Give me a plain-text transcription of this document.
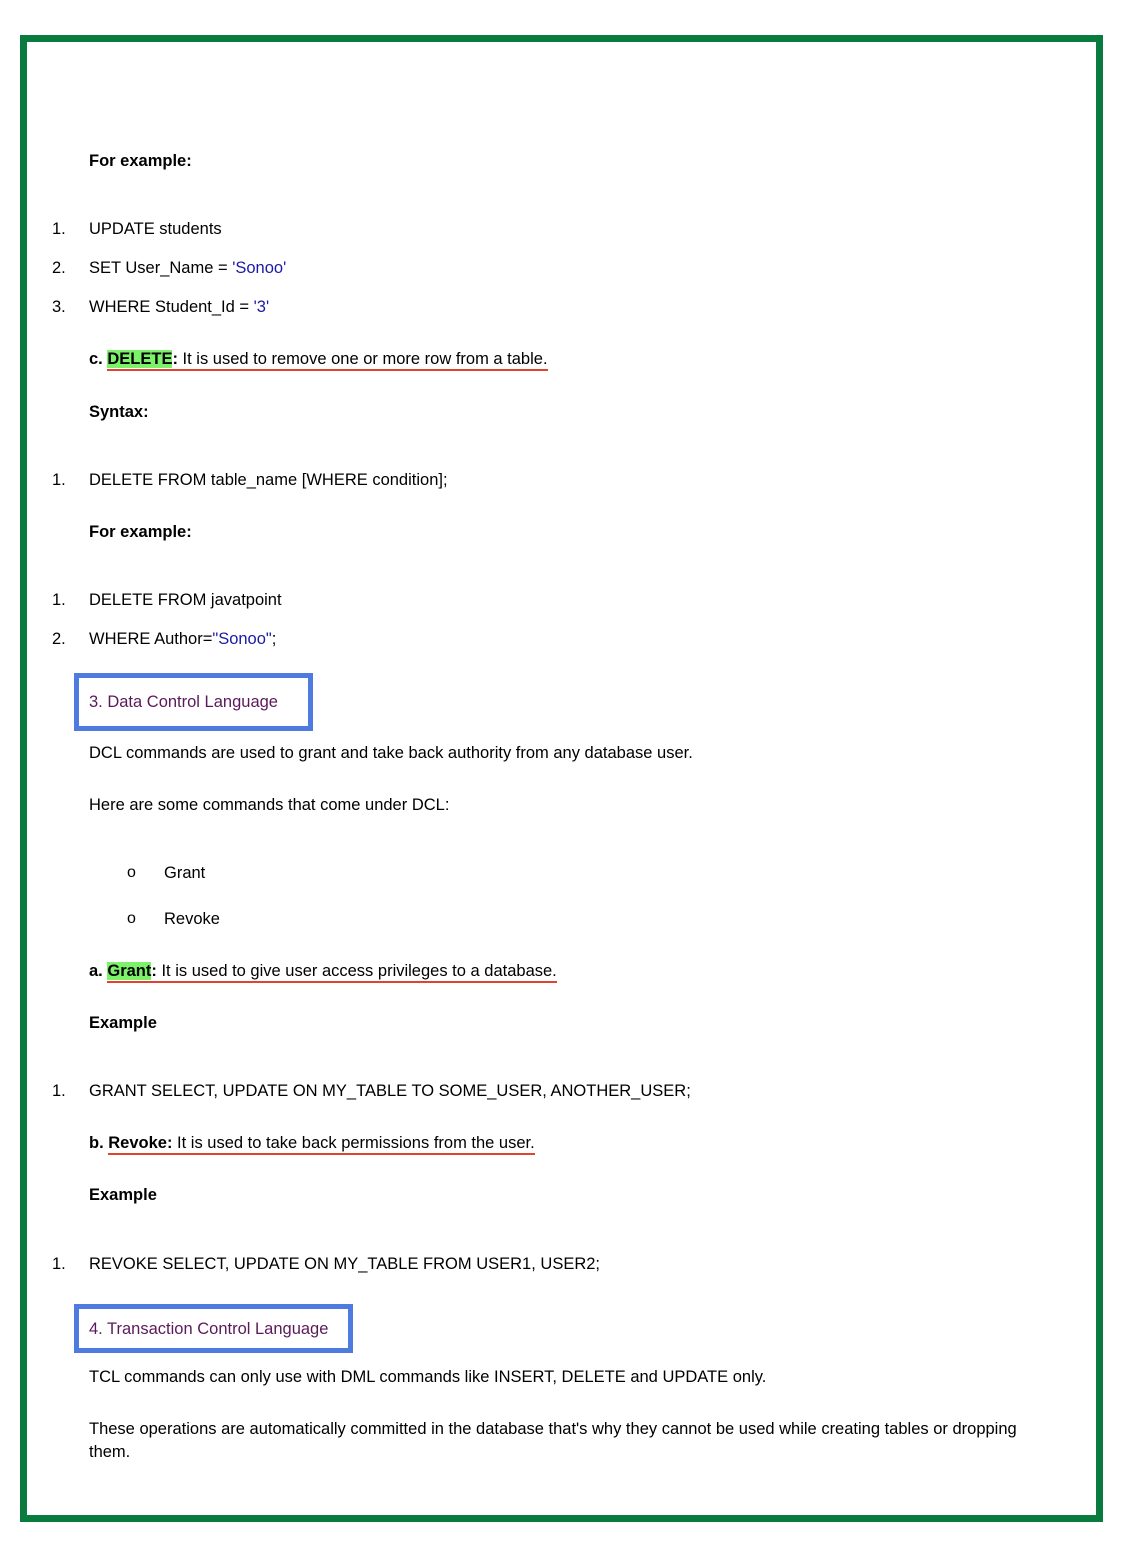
For example:
1.	UPDATE students
2.	SET User_Name = 'Sonoo'
3.	WHERE Student_Id = '3'
c. DELETE: It is used to remove one or more row from a table.
Syntax:
1.	DELETE FROM table_name [WHERE condition];
For example:
1.	DELETE FROM javatpoint
2.	WHERE Author="Sonoo";
3. Data Control Language
DCL commands are used to grant and take back authority from any database user.
Here are some commands that come under DCL:
o Grant
o Revoke
a. Grant: It is used to give user access privileges to a database.
Example
1.	GRANT SELECT, UPDATE ON MY_TABLE TO SOME_USER, ANOTHER_USER;
b. Revoke: It is used to take back permissions from the user.
Example
1.	REVOKE SELECT, UPDATE ON MY_TABLE FROM USER1, USER2;
4. Transaction Control Language
TCL commands can only use with DML commands like INSERT, DELETE and UPDATE only.
These operations are automatically committed in the database that's why they cannot be used while creating tables or dropping them.
